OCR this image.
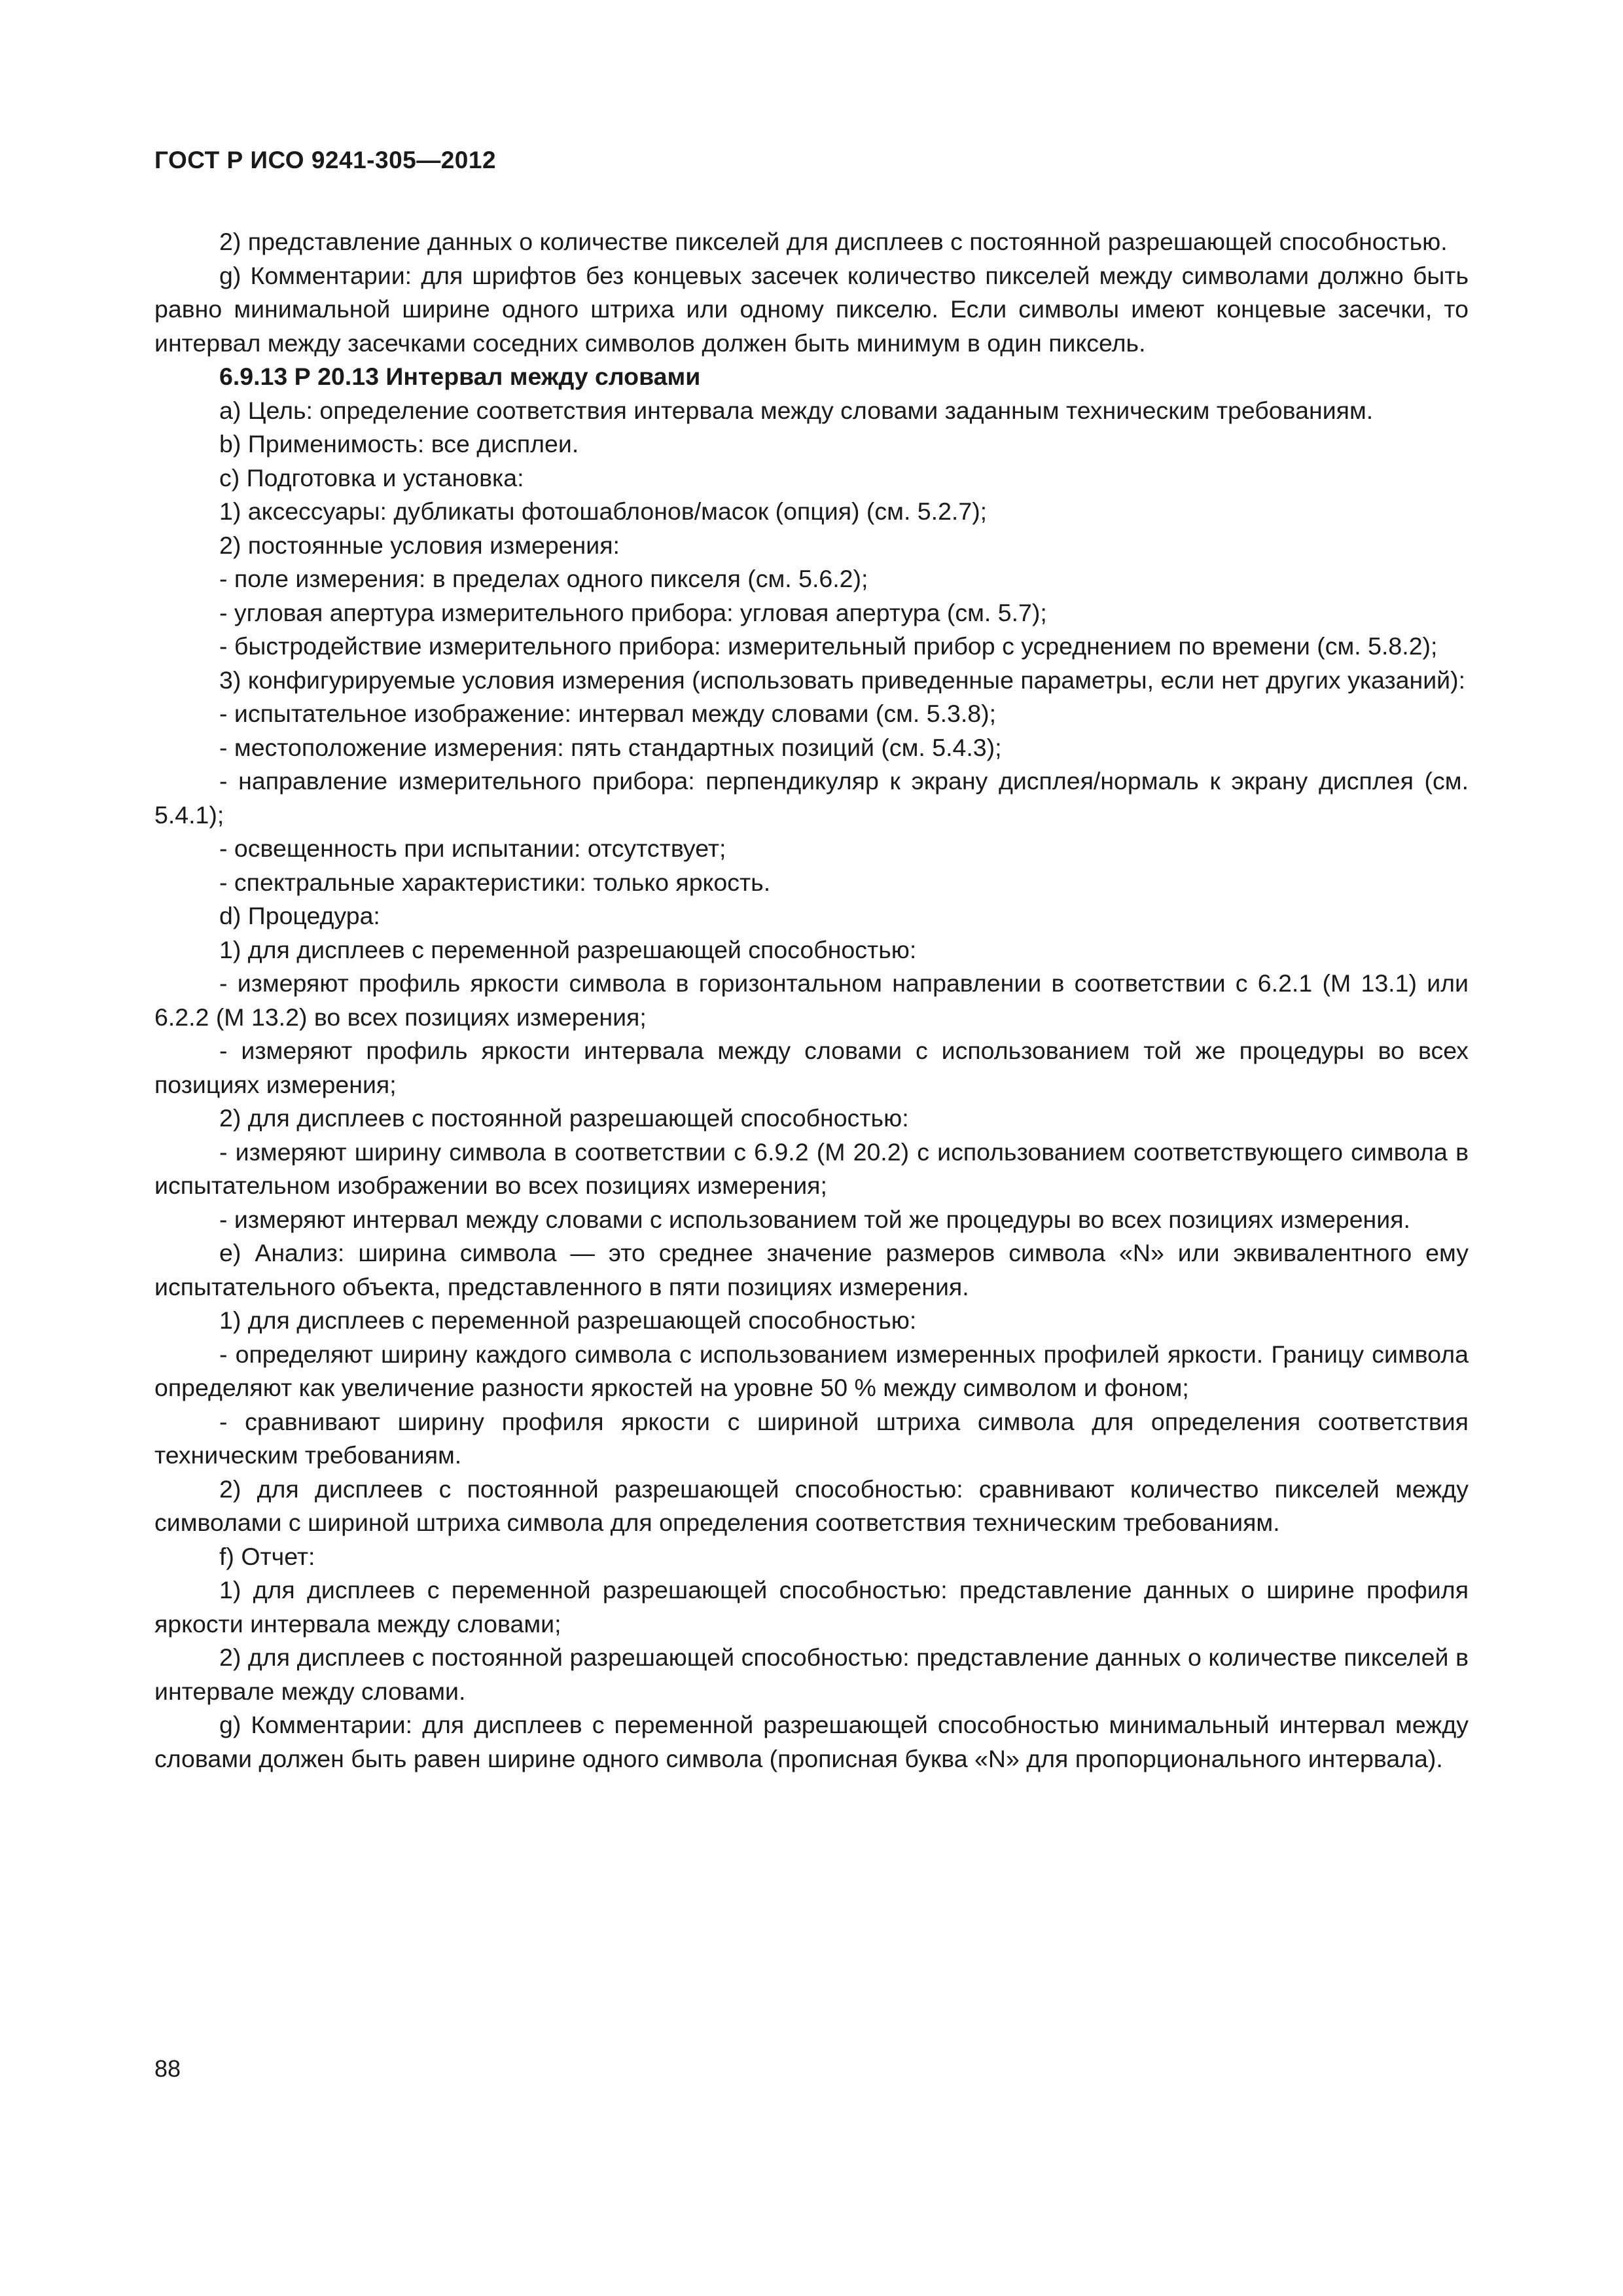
ГОСТ Р ИСО 9241-305—2012

2) представление данных о количестве пикселей для дисплеев с постоянной разрешающей способностью.

g) Комментарии: для шрифтов без концевых засечек количество пикселей между символами должно быть равно минимальной ширине одного штриха или одному пикселю. Если символы имеют концевые засечки, то интервал между засечками соседних символов должен быть минимум в один пиксель.

6.9.13 Р 20.13 Интервал между словами

а) Цель: определение соответствия интервала между словами заданным техническим требованиям.

b) Применимость: все дисплеи.

c) Подготовка и установка:

1) аксессуары: дубликаты фотошаблонов/масок (опция) (см. 5.2.7);

2) постоянные условия измерения:

- поле измерения: в пределах одного пикселя (см. 5.6.2);

- угловая апертура измерительного прибора: угловая апертура (см. 5.7);

- быстродействие измерительного прибора: измерительный прибор с усреднением по времени (см. 5.8.2);

3) конфигурируемые условия измерения (использовать приведенные параметры, если нет других указаний):

- испытательное изображение: интервал между словами (см. 5.3.8);

- местоположение измерения: пять стандартных позиций (см. 5.4.3);

- направление измерительного прибора: перпендикуляр к экрану дисплея/нормаль к экрану дисплея (см. 5.4.1);

- освещенность при испытании: отсутствует;

- спектральные характеристики: только яркость.

d) Процедура:

1) для дисплеев с переменной разрешающей способностью:

- измеряют профиль яркости символа в горизонтальном направлении в соответствии с 6.2.1 (М 13.1) или 6.2.2 (М 13.2) во всех позициях измерения;

- измеряют профиль яркости интервала между словами с использованием той же процедуры во всех позициях измерения;

2) для дисплеев с постоянной разрешающей способностью:

- измеряют ширину символа в соответствии с 6.9.2 (М 20.2) с использованием соответствующего символа в испытательном изображении во всех позициях измерения;

- измеряют интервал между словами с использованием той же процедуры во всех позициях измерения.

e) Анализ: ширина символа — это среднее значение размеров символа «N» или эквивалентного ему испытательного объекта, представленного в пяти позициях измерения.

1) для дисплеев с переменной разрешающей способностью:

- определяют ширину каждого символа с использованием измеренных профилей яркости. Границу символа определяют как увеличение разности яркостей на уровне 50 % между символом и фоном;

- сравнивают ширину профиля яркости с шириной штриха символа для определения соответствия техническим требованиям.

2) для дисплеев с постоянной разрешающей способностью: сравнивают количество пикселей между символами с шириной штриха символа для определения соответствия техническим требованиям.

f) Отчет:

1) для дисплеев с переменной разрешающей способностью: представление данных о ширине профиля яркости интервала между словами;

2) для дисплеев с постоянной разрешающей способностью: представление данных о количестве пикселей в интервале между словами.

g) Комментарии: для дисплеев с переменной разрешающей способностью минимальный интервал между словами должен быть равен ширине одного символа (прописная буква «N» для пропорционального интервала).

88
